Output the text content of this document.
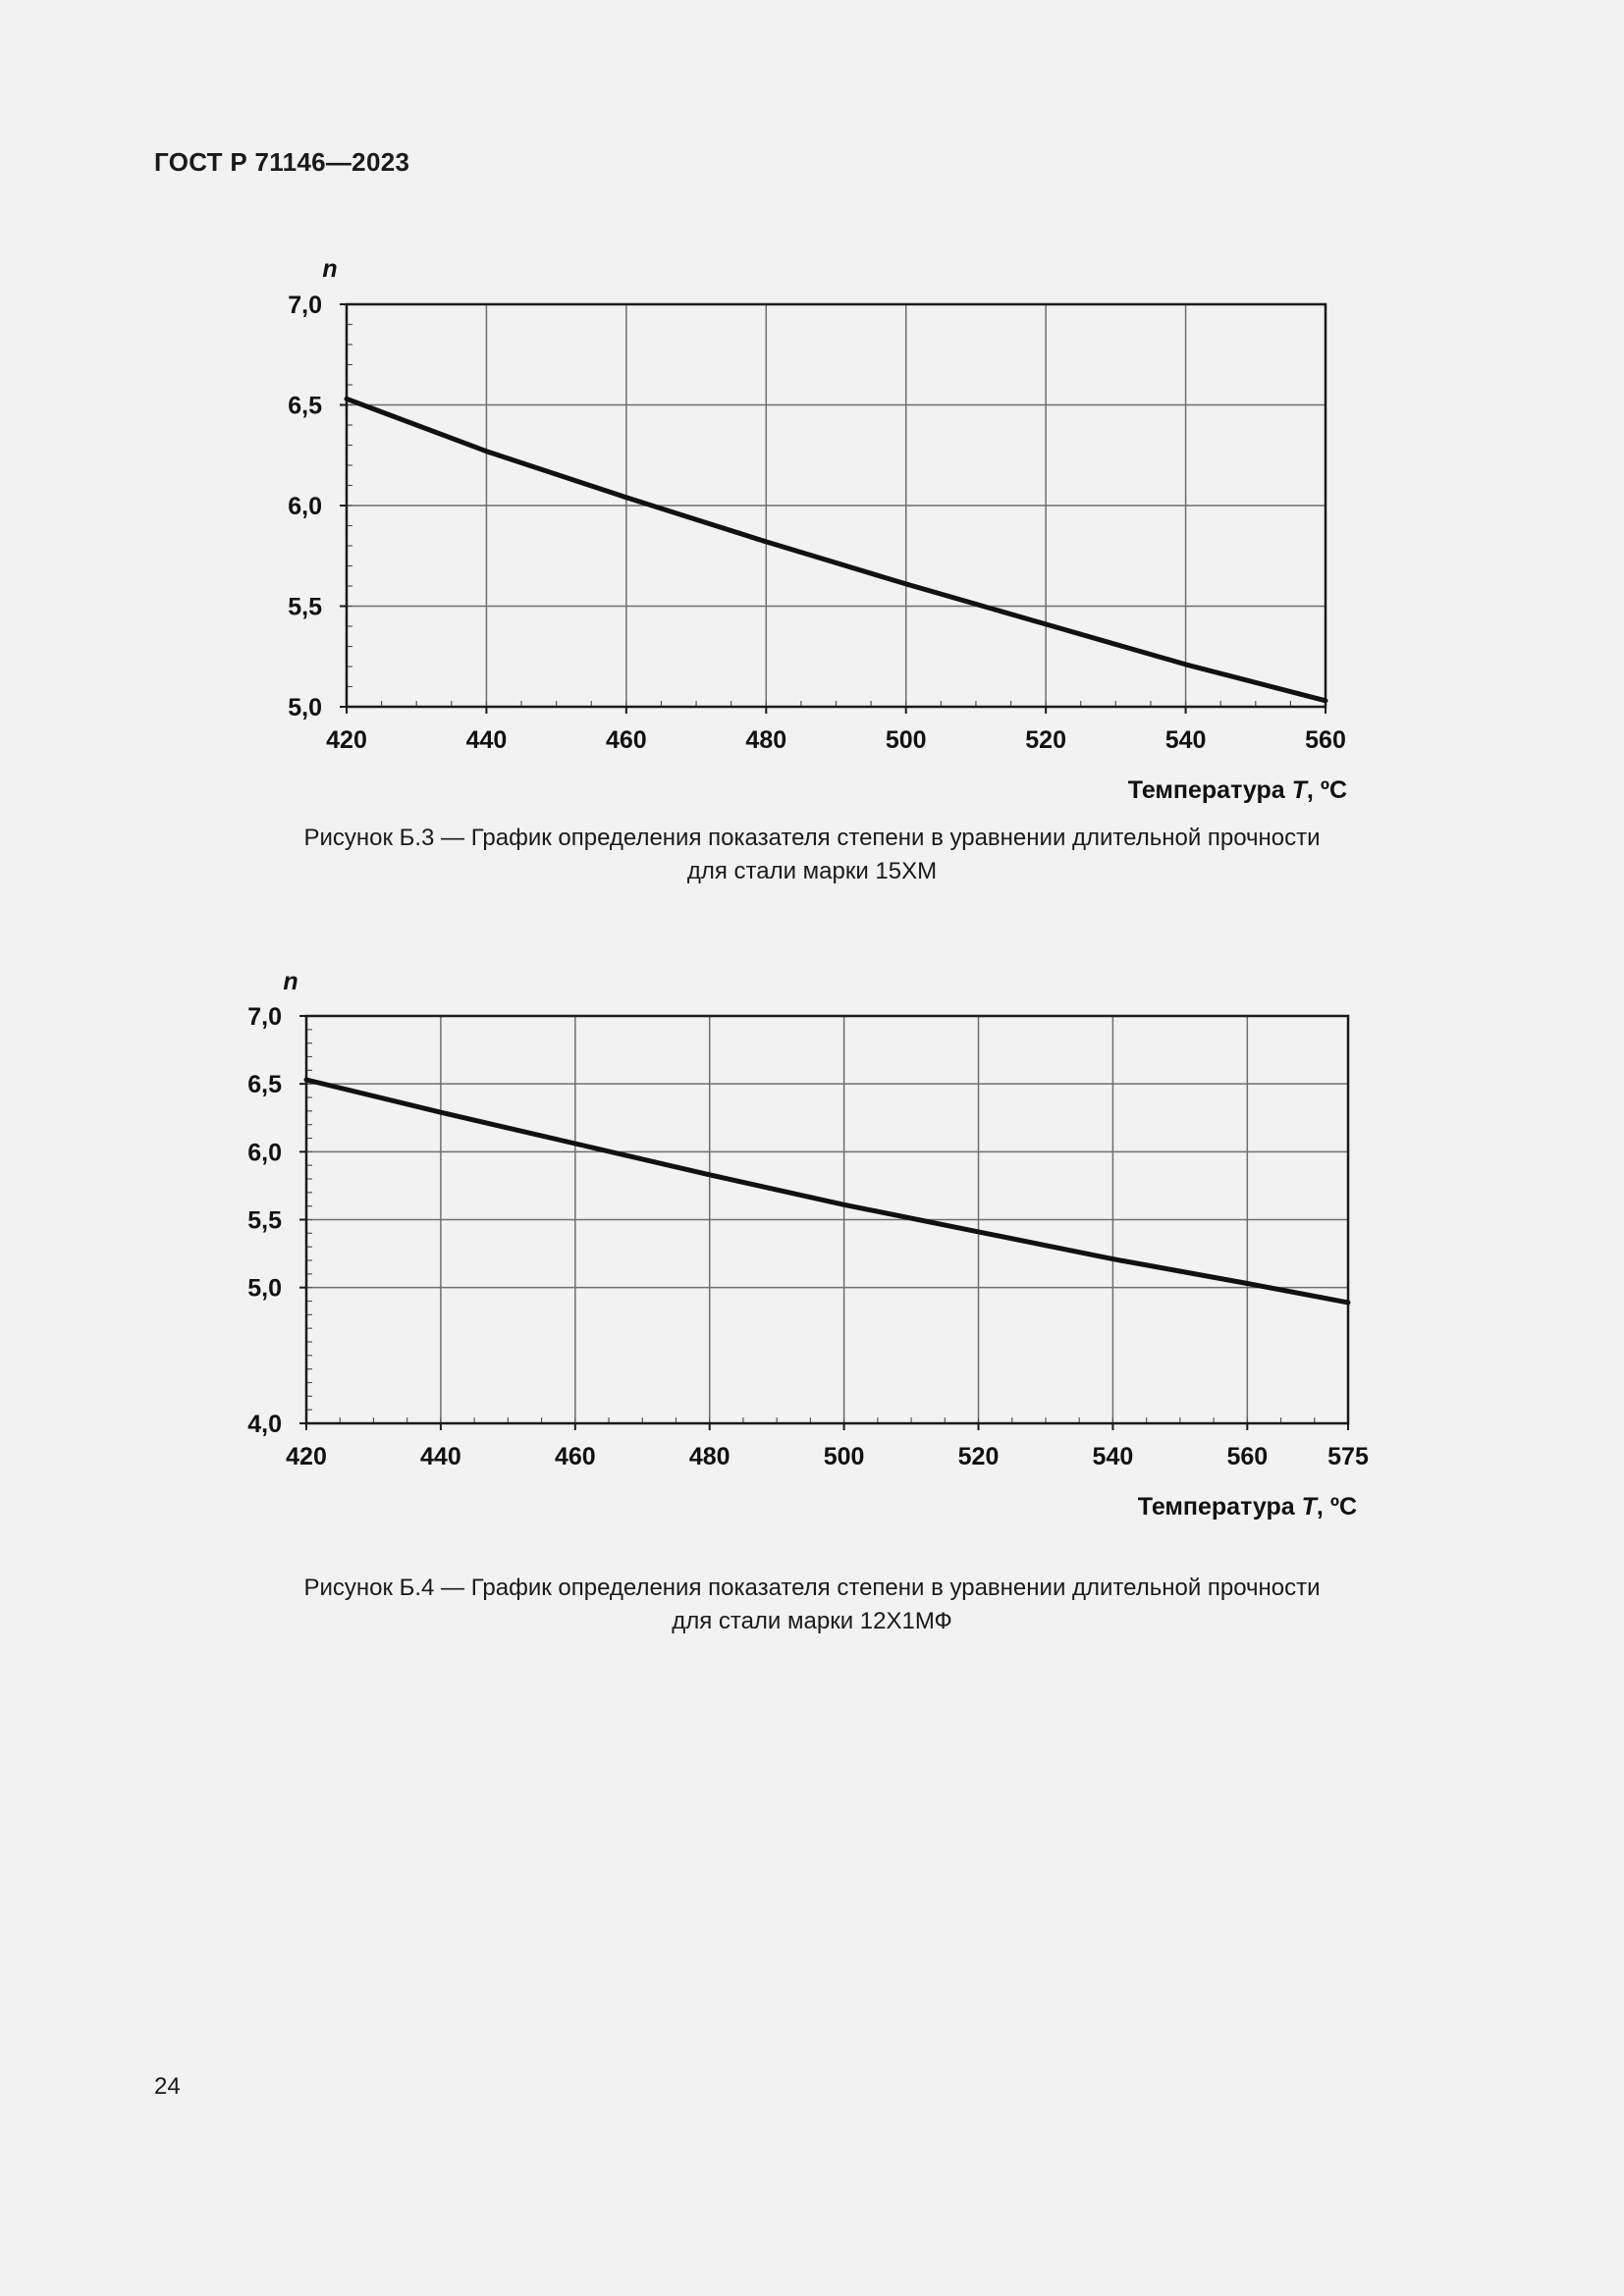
ГОСТ Р 71146—2023
5,0
5,5
6,0
6,5
7,0
420	440	460	480	500	520	540	560
n
Температура T, ºC
Рисунок Б.3 — График определения показателя степени в уравнении длительной прочности
для стали марки 15ХМ
4,0
5,0
5,5
6,0
6,5
7,0
420	440	460	480	500	520	540	560 575
n
Температура T, ºC
Рисунок Б.4 — График определения показателя степени в уравнении длительной прочности
для стали марки 12Х1МФ
24
